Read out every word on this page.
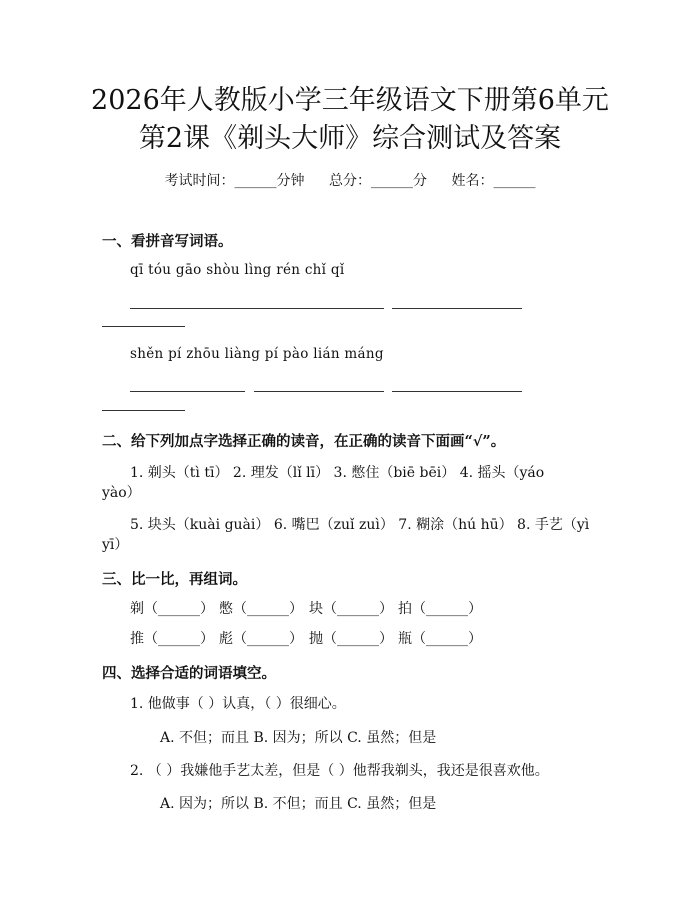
2026年人教版小学三年级语文下册第6单元
第2课《剃头大师》综合测试及答案
考试时间：______分钟 总分：______分 姓名：______
一、看拼音写词语。
qī tóu gāo shòu lìng rén chǐ qǐ
shěn pí zhōu liàng pí pào lián máng
二、给下列加点字选择正确的读音，在正确的读音下面画“√”。
1. 剃头（tì tī） 2. 理发（lǐ lī） 3. 憋住（biē bēi） 4. 摇头（yáo
yào）
5. 块头（kuài guài） 6. 嘴巴（zuǐ zuì） 7. 糊涂（hú hū） 8. 手艺（yì
yī）
三、比一比，再组词。
剃（______） 憋（______） 块（______） 拍（______）
推（______） 彪（______） 抛（______） 瓶（______）
四、选择合适的词语填空。
1. 他做事（ ）认真，（ ）很细心。
A. 不但；而且 B. 因为；所以 C. 虽然；但是
2. （ ）我嫌他手艺太差，但是（ ）他帮我剃头，我还是很喜欢他。
A. 因为；所以 B. 不但；而且 C. 虽然；但是
